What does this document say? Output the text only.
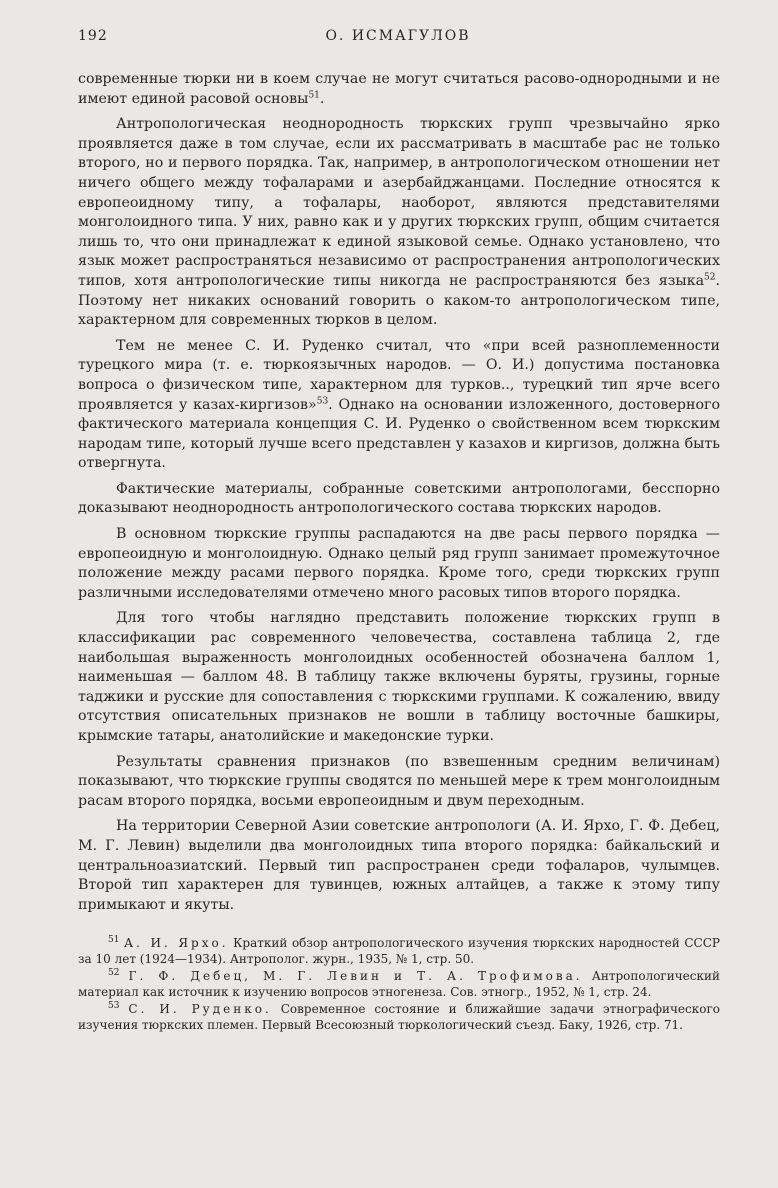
192	О. ИСМАГУЛОВ

современные тюрки ни в коем случае не могут считаться расово-однородными и не имеют единой расовой основы$^{51}$.

Антропологическая неоднородность тюркских групп чрезвычайно ярко проявляется даже в том случае, если их рассматривать в масштабе рас не только второго, но и первого порядка. Так, например, в антропологическом отношении нет ничего общего между тофаларами и азербайджанцами. Последние относятся к европеоидному типу, а тофалары, наоборот, являются представителями монголоидного типа. У них, равно как и у других тюркских групп, общим считается лишь то, что они принадлежат к единой языковой семье. Однако установлено, что язык может распространяться независимо от распространения антропологических типов, хотя антропологические типы никогда не распространяются без языка$^{52}$. Поэтому нет никаких оснований говорить о каком-то антропологическом типе, характерном для современных тюрков в целом.

Тем не менее С. И. Руденко считал, что «при всей разноплеменности турецкого мира (т. е. тюркоязычных народов. — О. И.) допустима постановка вопроса о физическом типе, характерном для турков.., турецкий тип ярче всего проявляется у казах-киргизов»$^{53}$. Однако на основании изложенного, достоверного фактического материала концепция С. И. Руденко о свойственном всем тюркским народам типе, который лучше всего представлен у казахов и киргизов, должна быть отвергнута.

Фактические материалы, собранные советскими антропологами, бесспорно доказывают неоднородность антропологического состава тюркских народов.

В основном тюркские группы распадаются на две расы первого порядка — европеоидную и монголоидную. Однако целый ряд групп занимает промежуточное положение между расами первого порядка. Кроме того, среди тюркских групп различными исследователями отмечено много расовых типов второго порядка.

Для того чтобы наглядно представить положение тюркских групп в классификации рас современного человечества, составлена таблица 2, где наибольшая выраженность монголоидных особенностей обозначена баллом 1, наименьшая — баллом 48. В таблицу также включены буряты, грузины, горные таджики и русские для сопоставления с тюркскими группами. К сожалению, ввиду отсутствия описательных признаков не вошли в таблицу восточные башкиры, крымские татары, анатолийские и македонские турки.

Результаты сравнения признаков (по взвешенным средним величинам) показывают, что тюркские группы сводятся по меньшей мере к трем монголоидным расам второго порядка, восьми европеоидным и двум переходным.

На территории Северной Азии советские антропологи (А. И. Ярхо, Г. Ф. Дебец, М. Г. Левин) выделили два монголоидных типа второго порядка: байкальский и центральноазиатский. Первый тип распространен среди тофаларов, чулымцев. Второй тип характерен для тувинцев, южных алтайцев, а также к этому типу примыкают и якуты.

$^{51}$ А. И. Ярхо. Краткий обзор антропологического изучения тюркских народностей СССР за 10 лет (1924—1934). Антрополог. журн., 1935, № 1, стр. 50.

$^{52}$ Г. Ф. Дебец, М. Г. Левин и Т. А. Трофимова. Антропологический материал как источник к изучению вопросов этногенеза. Сов. этногр., 1952, № 1, стр. 24.

$^{53}$ С. И. Руденко. Современное состояние и ближайшие задачи этнографического изучения тюркских племен. Первый Всесоюзный тюркологический съезд. Баку, 1926, стр. 71.
